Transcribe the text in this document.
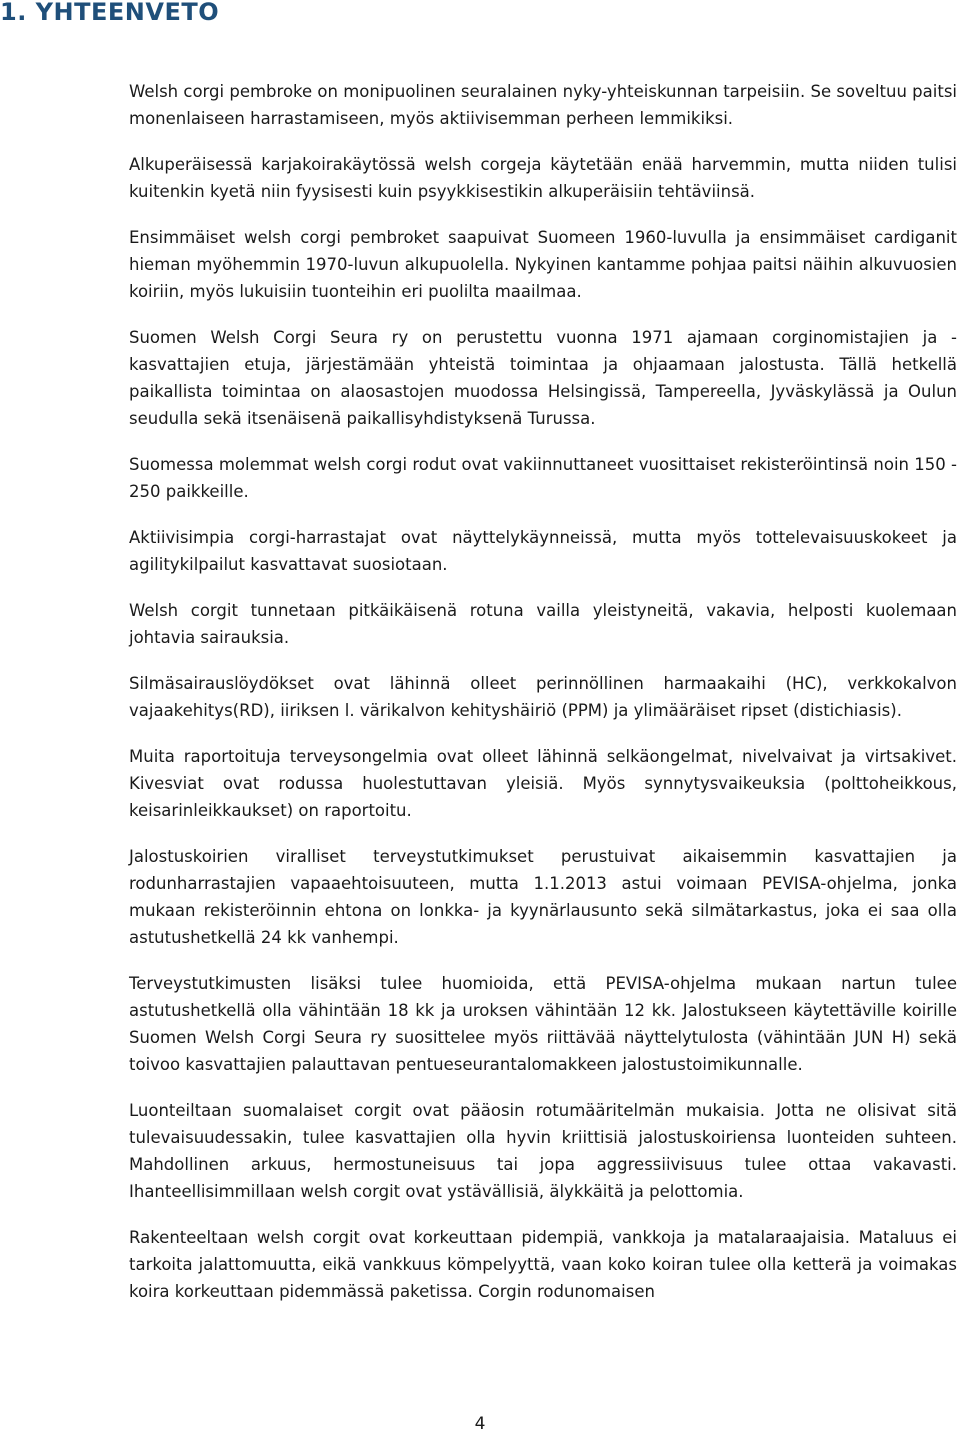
1. YHTEENVETO

Welsh corgi pembroke on monipuolinen seuralainen nyky-yhteiskunnan tarpeisiin. Se soveltuu paitsi monenlaiseen harrastamiseen, myös aktiivisemman perheen lemmikiksi.

Alkuperäisessä karjakoirakäytössä welsh corgeja käytetään enää harvemmin, mutta niiden tulisi kuitenkin kyetä niin fyysisesti kuin psyykkisestikin alkuperäisiin tehtäviinsä.

Ensimmäiset welsh corgi pembroket saapuivat Suomeen 1960-luvulla ja ensimmäiset cardiganit hieman myöhemmin 1970-luvun alkupuolella. Nykyinen kantamme pohjaa paitsi näihin alkuvuosien koiriin, myös lukuisiin tuonteihin eri puolilta maailmaa.

Suomen Welsh Corgi Seura ry on perustettu vuonna 1971 ajamaan corginomistajien ja - kasvattajien etuja, järjestämään yhteistä toimintaa ja ohjaamaan jalostusta. Tällä hetkellä paikallista toimintaa on alaosastojen muodossa Helsingissä, Tampereella, Jyväskylässä ja Oulun seudulla sekä itsenäisenä paikallisyhdistyksenä Turussa.

Suomessa molemmat welsh corgi rodut ovat vakiinnuttaneet vuosittaiset rekisteröintinsä noin 150 - 250 paikkeille.

Aktiivisimpia corgi-harrastajat ovat näyttelykäynneissä, mutta myös tottelevaisuuskokeet ja agilitykilpailut kasvattavat suosiotaan.

Welsh corgit tunnetaan pitkäikäisenä rotuna vailla yleistyneitä, vakavia, helposti kuolemaan johtavia sairauksia.

Silmäsairauslöydökset ovat lähinnä olleet perinnöllinen harmaakaihi (HC), verkkokalvon vajaakehitys(RD), iiriksen l. värikalvon kehityshäiriö (PPM) ja ylimääräiset ripset (distichiasis).

Muita raportoituja terveysongelmia ovat olleet lähinnä selkäongelmat, nivelvaivat ja virtsakivet. Kivesviat ovat rodussa huolestuttavan yleisiä. Myös synnytysvaikeuksia (polttoheikkous, keisarinleikkaukset) on raportoitu.

Jalostuskoirien viralliset terveystutkimukset perustuivat aikaisemmin kasvattajien ja rodunharrastajien vapaaehtoisuuteen, mutta 1.1.2013 astui voimaan PEVISA-ohjelma, jonka mukaan rekisteröinnin ehtona on lonkka- ja kyynärlausunto sekä silmätarkastus, joka ei saa olla astutushetkellä 24 kk vanhempi.

Terveystutkimusten lisäksi tulee huomioida, että PEVISA-ohjelma mukaan nartun tulee astutushetkellä olla vähintään 18 kk ja uroksen vähintään 12 kk. Jalostukseen käytettäville koirille Suomen Welsh Corgi Seura ry suosittelee myös riittävää näyttelytulosta (vähintään JUN H) sekä toivoo kasvattajien palauttavan pentueseurantalomakkeen jalostustoimikunnalle.

Luonteiltaan suomalaiset corgit ovat pääosin rotumääritelmän mukaisia. Jotta ne olisivat sitä tulevaisuudessakin, tulee kasvattajien olla hyvin kriittisiä jalostuskoiriensa luonteiden suhteen. Mahdollinen arkuus, hermostuneisuus tai jopa aggressiivisuus tulee ottaa vakavasti. Ihanteellisimmillaan welsh corgit ovat ystävällisiä, älykkäitä ja pelottomia.

Rakenteeltaan welsh corgit ovat korkeuttaan pidempiä, vankkoja ja matalaraajaisia. Mataluus ei tarkoita jalattomuutta, eikä vankkuus kömpelyyttä, vaan koko koiran tulee olla ketterä ja voimakas koira korkeuttaan pidemmässä paketissa. Corgin rodunomaisen

4
